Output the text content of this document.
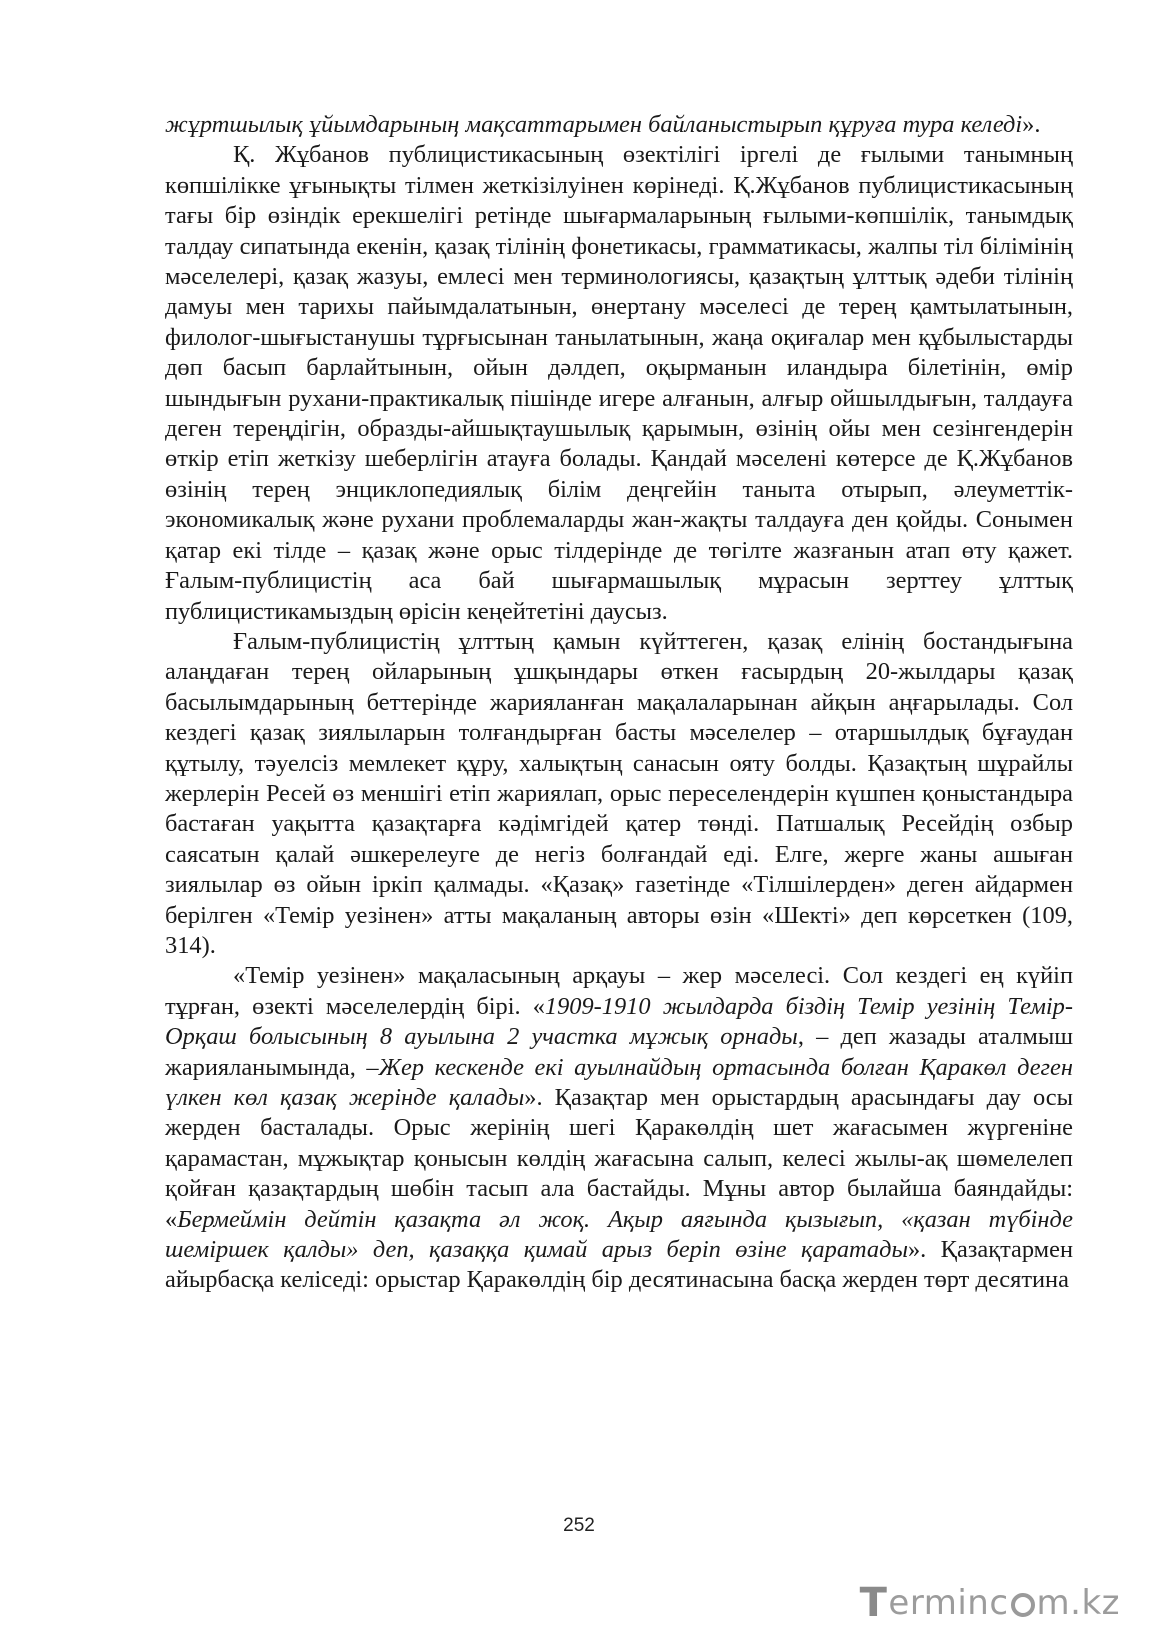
жұртшылық ұйымдарының мақсаттарымен байланыстырып құруға тура келеді».

Қ. Жұбанов публицистикасының өзектілігі іргелі де ғылыми танымның көпшілікке ұғынықты тілмен жеткізілуінен көрінеді. Қ.Жұбанов публицистикасының тағы бір өзіндік ерекшелігі ретінде шығармаларының ғылыми-көпшілік, танымдық талдау сипатында екенін, қазақ тілінің фонетикасы, грамматикасы, жалпы тіл білімінің мәселелері, қазақ жазуы, емлесі мен терминологиясы, қазақтың ұлттық әдеби тілінің дамуы мен тарихы пайымдалатынын, өнертану мәселесі де терең қамтылатынын, филолог-шығыстанушы тұрғысынан танылатынын, жаңа оқиғалар мен құбылыстарды дөп басып барлайтынын, ойын дәлдеп, оқырманын иландыра білетінін, өмір шындығын рухани-практикалық пішінде игере алғанын, алғыр ойшылдығын, талдауға деген тереңдігін, образды-айшықтаушылық қарымын, өзінің ойы мен сезінгендерін өткір етіп жеткізу шеберлігін атауға болады. Қандай мәселені көтерсе де Қ.Жұбанов өзінің терең энциклопедиялық білім деңгейін таныта отырып, әлеуметтік-экономикалық және рухани проблемаларды жан-жақты талдауға ден қойды. Сонымен қатар екі тілде – қазақ және орыс тілдерінде де төгілте жазғанын атап өту қажет. Ғалым-публицистің аса бай шығармашылық мұрасын зерттеу ұлттық публицистикамыздың өрісін кеңейтетіні даусыз.

Ғалым-публицистің ұлттың қамын күйттеген, қазақ елінің бостандығына алаңдаған терең ойларының ұшқындары өткен ғасырдың 20-жылдары қазақ басылымдарының беттерінде жарияланған мақалаларынан айқын аңғарылады. Сол кездегі қазақ зиялыларын толғандырған басты мәселелер – отаршылдық бұғаудан құтылу, тәуелсіз мемлекет құру, халықтың санасын ояту болды. Қазақтың шұрайлы жерлерін Ресей өз меншігі етіп жариялап, орыс переселендерін күшпен қоныстандыра бастаған уақытта қазақтарға кәдімгідей қатер төнді. Патшалық Ресейдің озбыр саясатын қалай әшкерелеуге де негіз болғандай еді. Елге, жерге жаны ашыған зиялылар өз ойын іркіп қалмады. «Қазақ» газетінде «Тілшілерден» деген айдармен берілген «Темір уезінен» атты мақаланың авторы өзін «Шекті» деп көрсеткен (109, 314).

«Темір уезінен» мақаласының арқауы – жер мәселесі. Сол кездегі ең күйіп тұрған, өзекті мәселелердің бірі. «1909-1910 жылдарда біздің Темір уезінің Темір-Орқаш болысының 8 ауылына 2 участка мұжық орнады, – деп жазады аталмыш жарияланымында, –Жер кескенде екі ауылнайдың ортасында болған Қаракөл деген үлкен көл қазақ жерінде қалады». Қазақтар мен орыстардың арасындағы дау осы жерден басталады. Орыс жерінің шегі Қаракөлдің шет жағасымен жүргеніне қарамастан, мұжықтар қонысын көлдің жағасына салып, келесі жылы-ақ шөмелелеп қойған қазақтардың шөбін тасып ала бастайды. Мұны автор былайша баяндайды: «Бермеймін дейтін қазақта әл жоқ. Ақыр аяғында қызығып, «қазан түбінде шеміршек қалды» деп, қазаққа қимай арыз беріп өзіне қаратады». Қазақтармен айырбасқа келіседі: орыстар Қаракөлдің бір десятинасына басқа жерден төрт десятина

252
T erminc m.kz
